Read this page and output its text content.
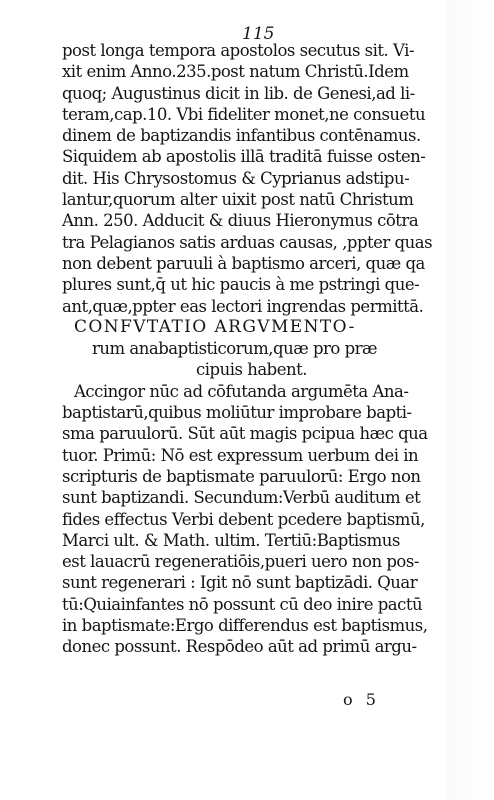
115
post longa tempora apostolos secutus sit. Vi-
xit enim Anno.235.post natum Christū.Idem
quoq; Augustinus dicit in lib. de Genesi,ad li-
teram,cap.10. Vbi fideliter monet,ne consuetu
dinem de baptizandis infantibus contēnamus.
Siquidem ab apostolis illā traditā fuisse osten-
dit. His Chrysostomus & Cyprianus adstipu-
lantur,quorum alter uixit post natū Christum
Ann. 250. Adducit & diuus Hieronymus cōtra
tra Pelagianos satis arduas causas, ,ppter quas
non debent paruuli à baptismo arceri, quæ qa
plures sunt,q̄ ut hic paucis à me pstringi que-
ant,quæ,ppter eas lectori ingrendas permittā.
CONFVTATIO ARGVMENTO-
rum anabaptisticorum,quæ pro præ
cipuis habent.
Accingor nūc ad cōfutanda argumēta Ana-
baptistarū,quibus moliūtur improbare bapti-
sma paruulorū. Sūt aūt magis pcipua hæc qua
tuor. Primū: Nō est expressum uerbum dei in
scripturis de baptismate paruulorū: Ergo non
sunt baptizandi. Secundum:Verbū auditum et
fides effectus Verbi debent pcedere baptismū,
Marci ult. & Math. ultim. Tertiū:Baptismus
est lauacrū regeneratiōis,pueri uero non pos-
sunt regenerari : Igit nō sunt baptizādi. Quar
tū:Quiainfantes nō possunt cū deo inire pactū
in baptismate:Ergo differendus est baptismus,
donec possunt. Respōdeo aūt ad primū argu-
o 5
